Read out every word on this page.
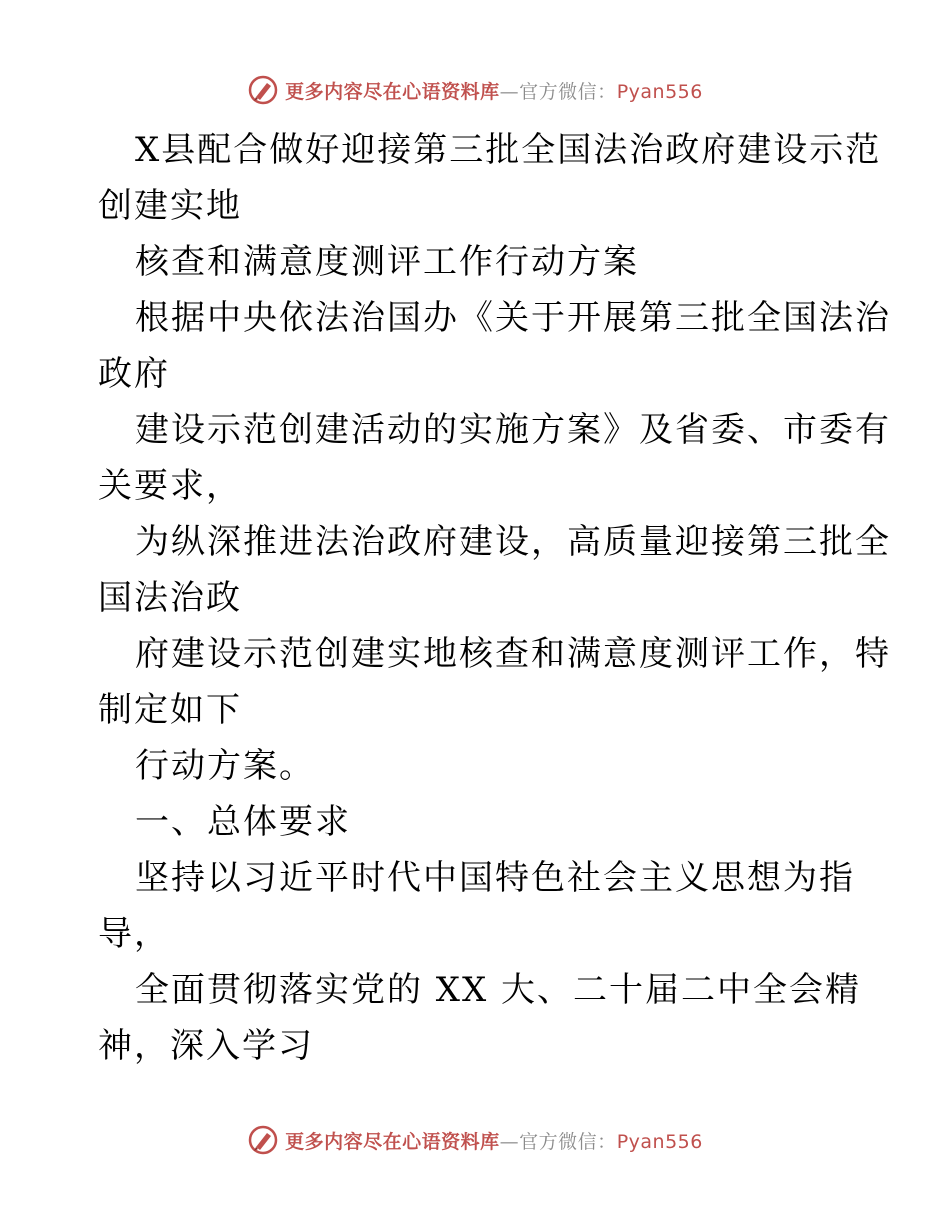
更多内容尽在心语资料库—官方微信：Pyan556
X县配合做好迎接第三批全国法治政府建设示范
创建实地
核查和满意度测评工作行动方案
根据中央依法治国办《关于开展第三批全国法治
政府
建设示范创建活动的实施方案》及省委、市委有
关要求，
为纵深推进法治政府建设，高质量迎接第三批全
国法治政
府建设示范创建实地核查和满意度测评工作，特
制定如下
行动方案。
一、总体要求
坚持以习近平时代中国特色社会主义思想为指
导，
全面贯彻落实党的 XX 大、二十届二中全会精
神，深入学习
更多内容尽在心语资料库—官方微信：Pyan556
